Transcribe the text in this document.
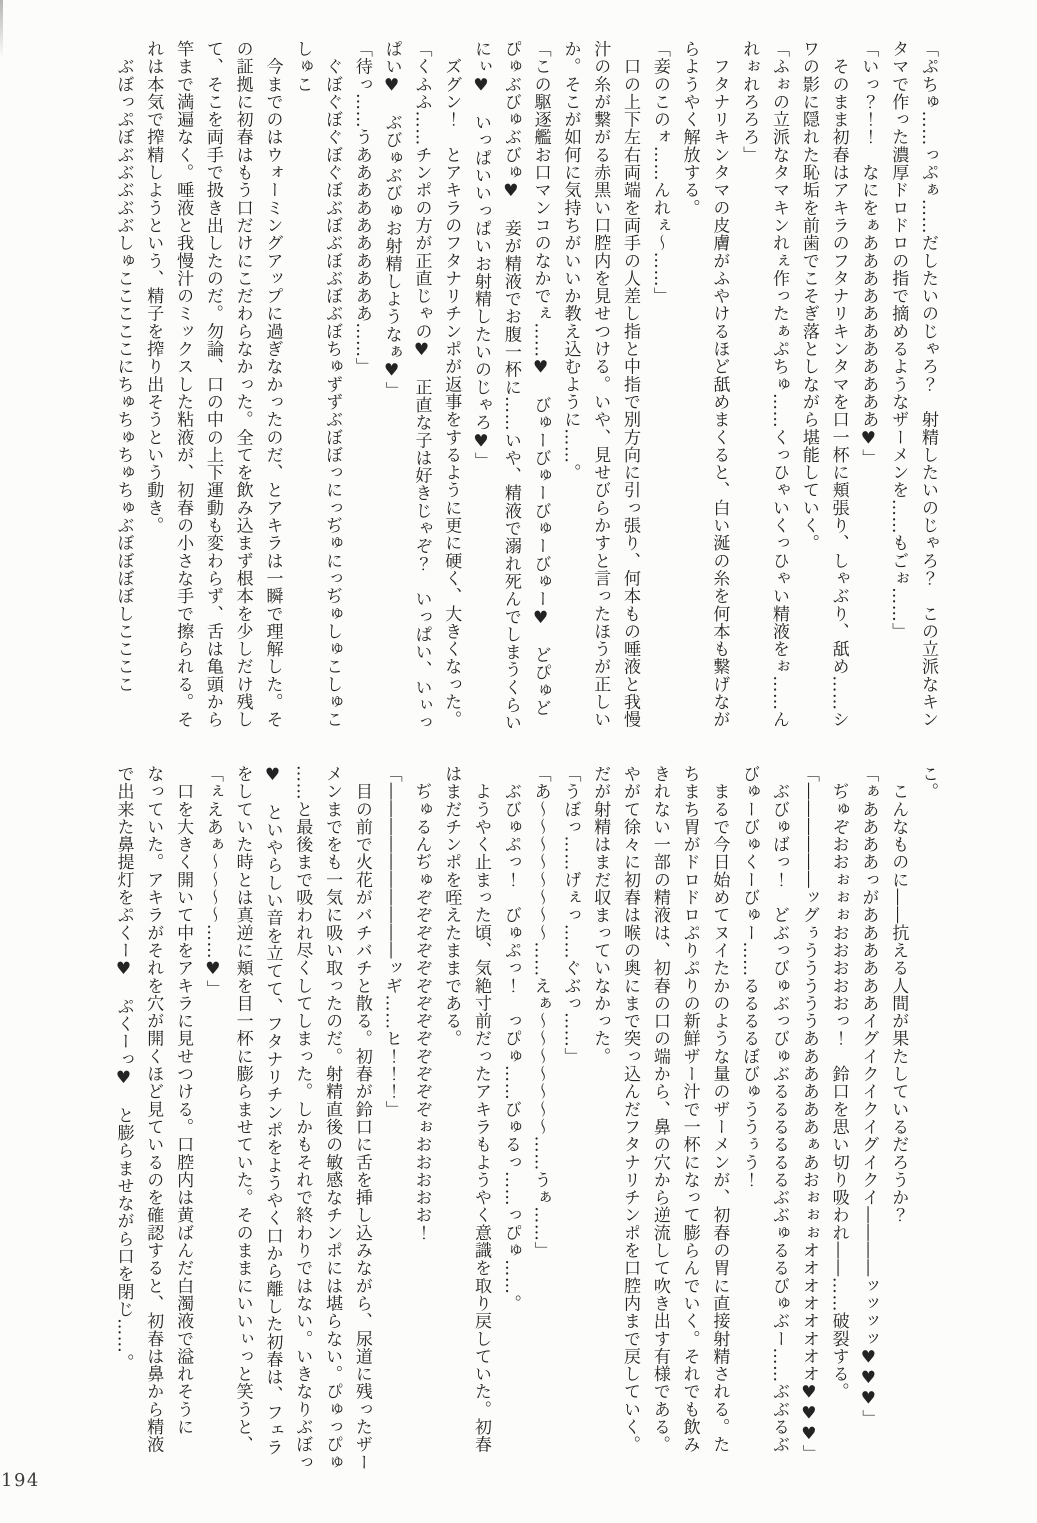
「ぷちゅ……っぷぁ……だしたいのじゃろ？　射精したいのじゃろ？　この立派なキン
タマで作った濃厚ドロドロの指で摘めるようなザーメンを……もごぉ……」
「いっ？！！　なにをぁあああああああああああ♥」
　そのまま初春はアキラのフタナリキンタマを口一杯に頬張り、しゃぶり、舐め……シ
ワの影に隠れた恥垢を前歯でこそぎ落としながら堪能していく。
「ふぉの立派なタマキンれぇ作ったぁぷちゅ……くっひゃいくっひゃい精液をぉ……ん
れぉれろろろ」
　フタナリキンタマの皮膚がふやけるほど舐めまくると、白い涎の糸を何本も繋げなが
らようやく解放する。
「妾のこのォ……んれぇ〜……」
　口の上下左右両端を両手の人差し指と中指で別方向に引っ張り、何本もの唾液と我慢
汁の糸が繋がる赤黒い口腔内を見せつける。いや、見せびらかすと言ったほうが正しい
か。そこが如何に気持ちがいいか教え込むように……。
「この駆逐艦お口マンコのなかでぇ……♥　びゅーびゅーびゅーびゅー♥　どぴゅど
ぴゅぶびゅぶびゅ♥　妾が精液でお腹一杯に……いや、精液で溺れ死んでしまうくらい
にぃ♥　いっぱいいっぱいお射精したいのじゃろ♥」
　ズグン！　とアキラのフタナリチンポが返事をするように更に硬く、大きくなった。
「くふふ……チンポの方が正直じゃの♥　正直な子は好きじゃぞ？　いっぱい、いぃっ
ぱい♥　ぶびゅぶびゅお射精しようなぁ♥」
「待っ……うああああああああああ……」
　ぐぼぐぼぐぼぐぼぶぼぶぼぶぼぶぼちゅずずぶぼぼっにっぢゅにっぢゅしゅこしゅこ
しゅこ
　今までのはウォーミングアップに過ぎなかったのだ、とアキラは一瞬で理解した。そ
の証拠に初春はもう口だけにこだわらなかった。全てを飲み込まず根本を少しだけ残し
て、そこを両手で扱き出したのだ。勿論、口の中の上下運動も変わらず、舌は亀頭から
竿まで満遍なく。唾液と我慢汁のミックスした粘液が、初春の小さな手で擦られる。そ
れは本気で搾精しようという、精子を搾り出そうという動き。
　ぶぼっぷぼぶぶぶぶぶしゅこここここにちゅちゅちゅちゅぶぼぼぼぼしここここ
こ。
　こんなものに――抗える人間が果たしているだろうか？
「ぁああああっがああああああイグイクイクイグイクイ――――ッッッッ♥♥♥」
　ぢゅぞおおぉぉぉおおおおおっ！　鈴口を思い切り吸われ――……破裂する。
「――――――ッグぅうううううああああああぁあおぉぉぉオオオオオオオオ♥♥♥」
　ぶびゅばっ！　どぶっびゅぶっびゅぶるるるるるるぶぶゅるるびゅぶー……ぶぶるぶ
びゅーびゅくーびゅー……るるるるぼびゅううぅう！
　まるで今日始めてヌイたかのような量のザーメンが、初春の胃に直接射精される。た
ちまち胃がドロドロぷりぷりの新鮮ザー汁で一杯になって膨らんでいく。それでも飲み
きれない一部の精液は、初春の口の端から、鼻の穴から逆流して吹き出す有様である。
やがて徐々に初春は喉の奥にまで突っ込んだフタナリチンポを口腔内まで戻していく。
だが射精はまだ収まっていなかった。
「うぼっ……げぇっ……ぐぶっ……」
「あ〜〜〜〜〜〜〜〜……えぁ〜〜〜〜〜〜〜……うぁ……」
　ぶびゅぷっ！　びゅぷっ！　っぴゅ……びゅるっ……っぴゅ……。
　ようやく止まった頃、気絶寸前だったアキラもようやく意識を取り戻していた。初春
はまだチンポを咥えたままである。
　ぢゅるんぢゅぞぞぞぞぞぞぞぞぞぞぞぞぞぉおおおおお！
「――――――――――ッギ……ヒ！！！」
　目の前で火花がバチバチと散る。初春が鈴口に舌を挿し込みながら、尿道に残ったザー
メンまでをも一気に吸い取ったのだ。射精直後の敏感なチンポには堪らない。ぴゅっぴゅ
……と最後まで吸われ尽くしてしまった。しかもそれで終わりではない。いきなりぶぼっ
♥　といやらしい音を立てて、フタナリチンポをようやく口から離した初春は、フェラ
をしていた時とは真逆に頬を目一杯に膨らませていた。そのままにいいぃっと笑うと、
「ぇえあぁ〜〜〜〜……♥」
　口を大きく開いて中をアキラに見せつける。口腔内は黄ばんだ白濁液で溢れそうに
なっていた。アキラがそれを穴が開くほど見ているのを確認すると、初春は鼻から精液
で出来た鼻提灯をぷくー♥　ぷくーっ♥　と膨らませながら口を閉じ……。
194
